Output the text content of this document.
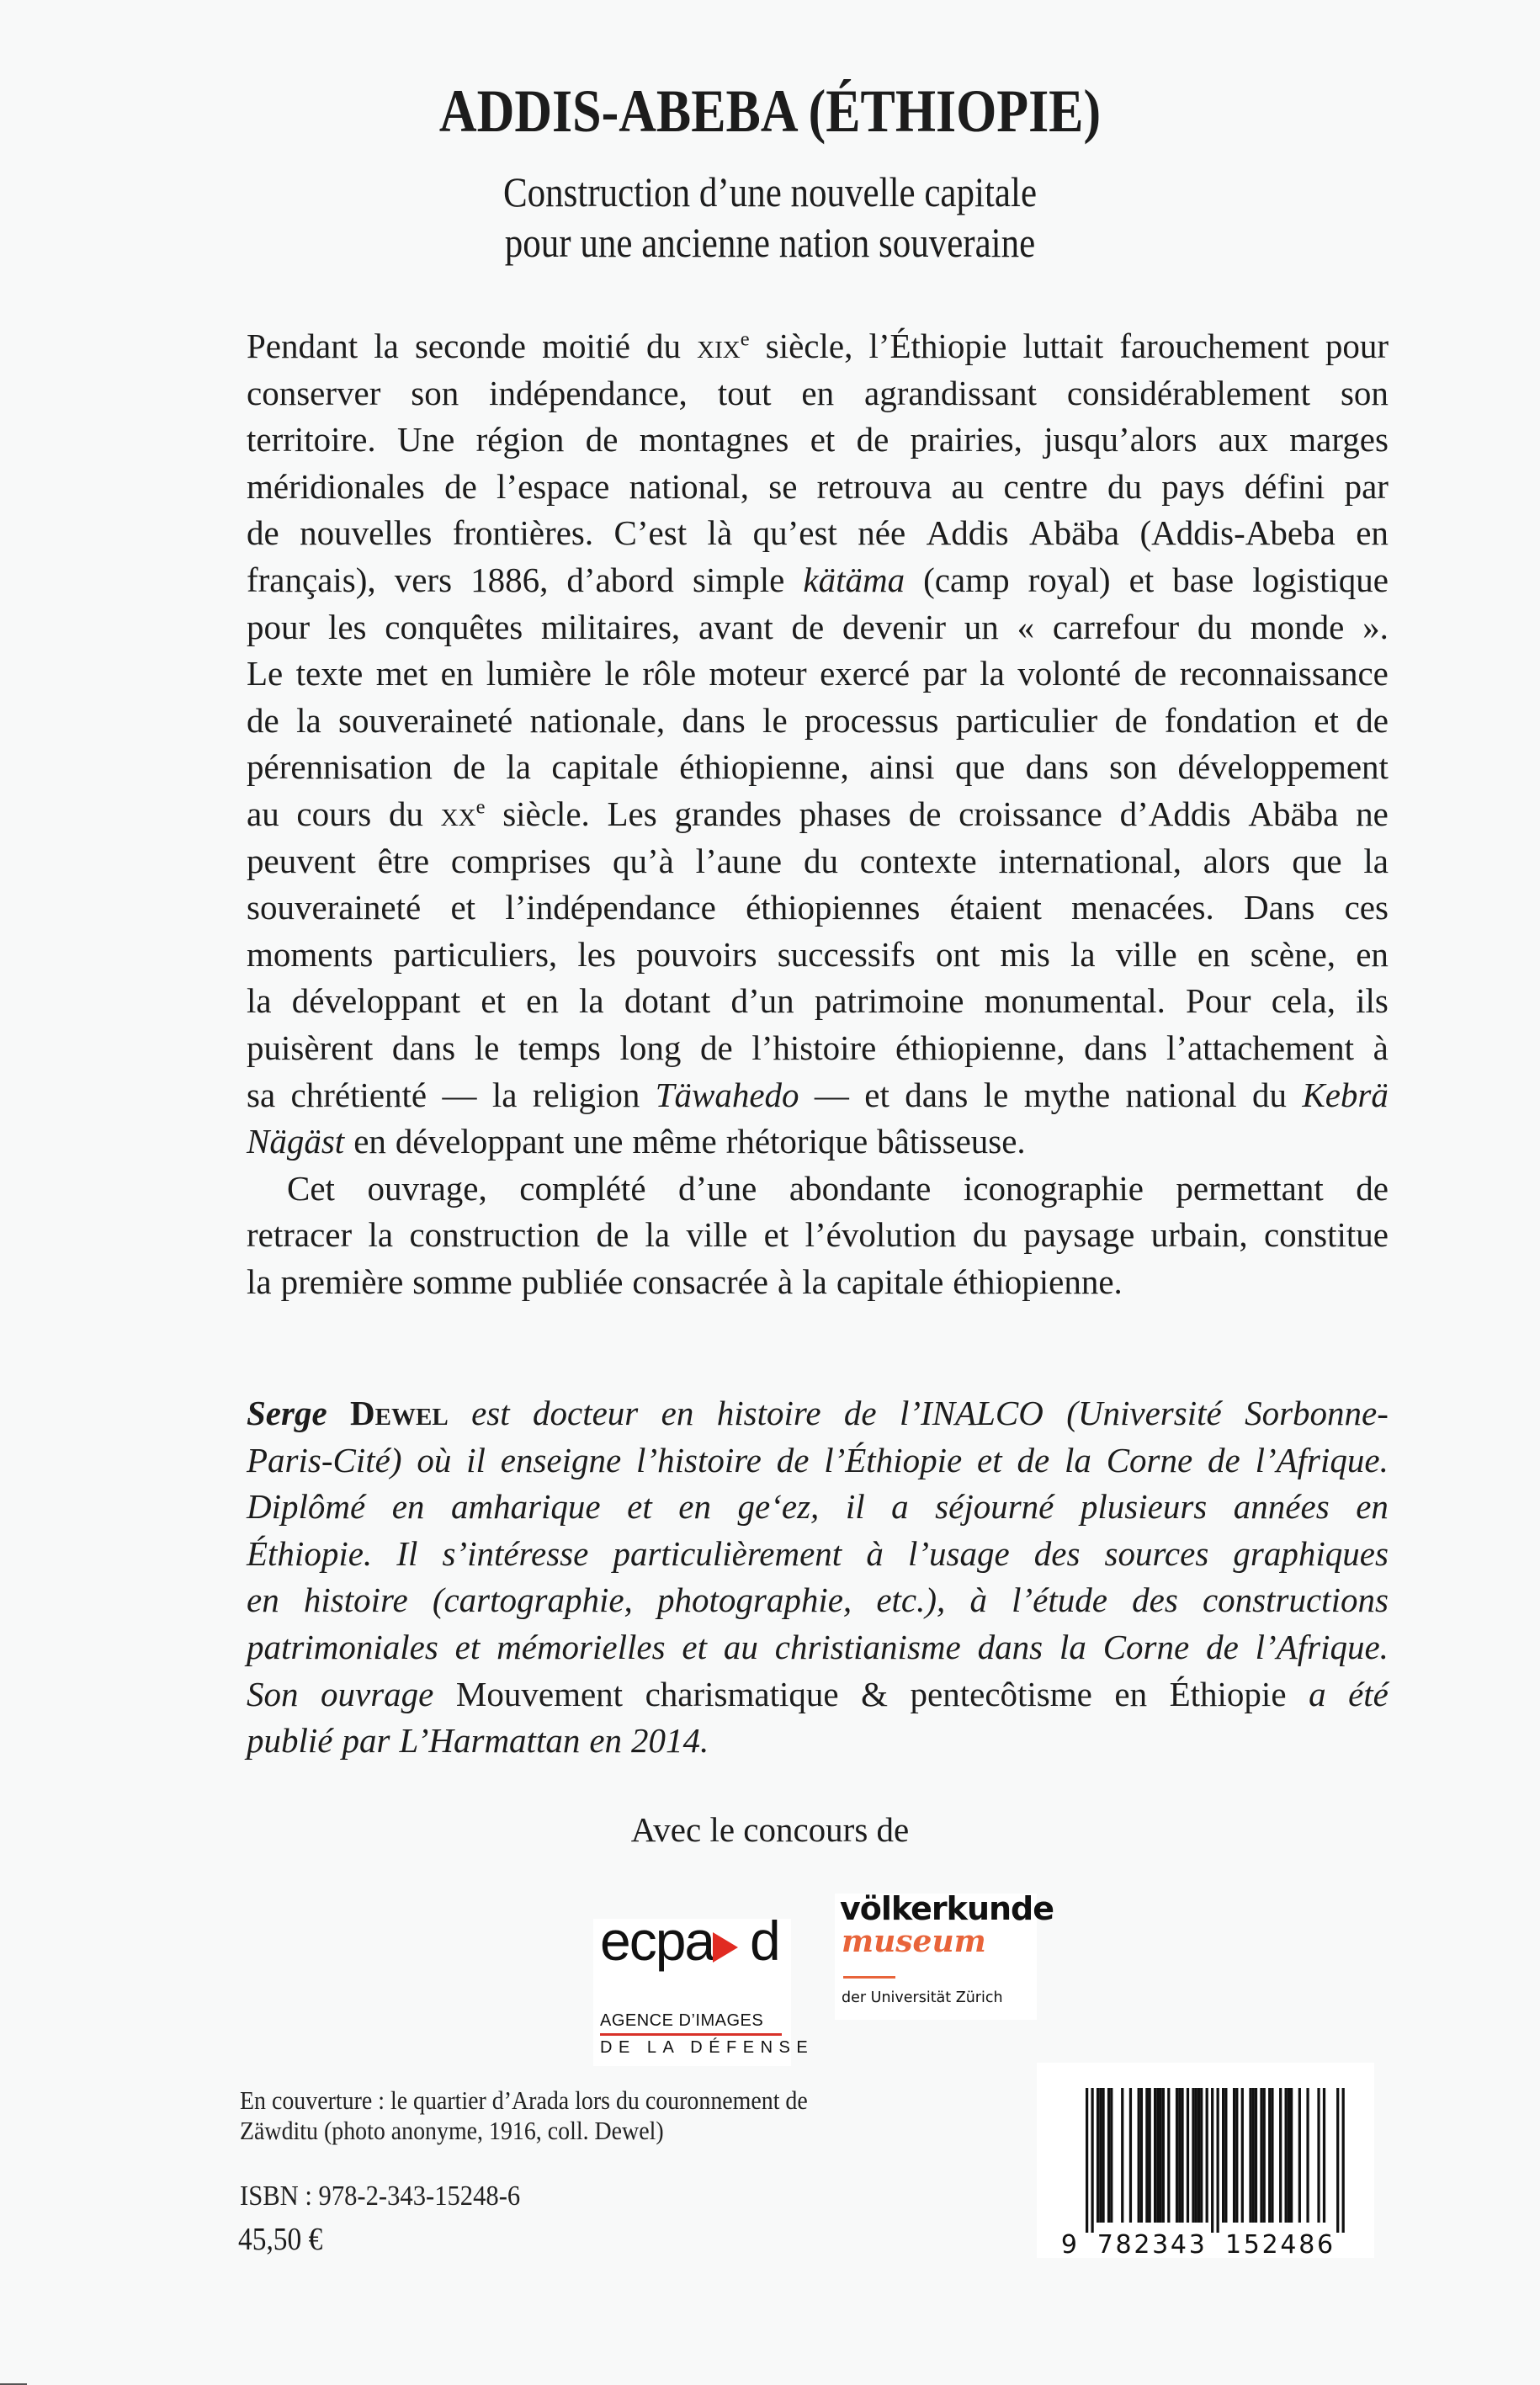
ADDIS-ABEBA (ÉTHIOPIE)
Construction d’une nouvelle capitale
pour une ancienne nation souveraine
Pendant la seconde moitié du xix$^e$ siècle, l’Éthiopie luttait farouchement pour
conserver son indépendance, tout en agrandissant considérablement son
territoire. Une région de montagnes et de prairies, jusqu’alors aux marges
méridionales de l’espace national, se retrouva au centre du pays défini par
de nouvelles frontières. C’est là qu’est née Addis Abäba (Addis-Abeba en
français), vers 1886, d’abord simple kätäma (camp royal) et base logistique
pour les conquêtes militaires, avant de devenir un « carrefour du monde ».
Le texte met en lumière le rôle moteur exercé par la volonté de reconnaissance
de la souveraineté nationale, dans le processus particulier de fondation et de
pérennisation de la capitale éthiopienne, ainsi que dans son développement
au cours du $xx^e$ siècle. Les grandes phases de croissance d’Addis Abäba ne
peuvent être comprises qu’à l’aune du contexte international, alors que la
souveraineté et l’indépendance éthiopiennes étaient menacées. Dans ces
moments particuliers, les pouvoirs successifs ont mis la ville en scène, en
la développant et en la dotant d’un patrimoine monumental. Pour cela, ils
puisèrent dans le temps long de l’histoire éthiopienne, dans l’attachement à
sa chrétienté — la religion Täwahedo — et dans le mythe national du Kebrä
Nägäst en développant une même rhétorique bâtisseuse.
Cet ouvrage, complété d’une abondante iconographie permettant de
retracer la construction de la ville et l’évolution du paysage urbain, constitue
la première somme publiée consacrée à la capitale éthiopienne.
Serge Dewel est docteur en histoire de l’INALCO (Université Sorbonne-
Paris-Cité) où il enseigne l’histoire de l’Éthiopie et de la Corne de l’Afrique.
Diplômé en amharique et en ge‘ez, il a séjourné plusieurs années en
Éthiopie. Il s’intéresse particulièrement à l’usage des sources graphiques
en histoire (cartographie, photographie, etc.), à l’étude des constructions
patrimoniales et mémorielles et au christianisme dans la Corne de l’Afrique.
Son ouvrage Mouvement charismatique & pentecôtisme en Éthiopie a été
publié par L’Harmattan en 2014.
Avec le concours de
ecpa d
AGENCE D’IMAGES
DE LA DÉFENSE
völkerkunde
museum
der Universität Zürich
En couverture : le quartier d’Arada lors du couronnement de
Zäwditu (photo anonyme, 1916, coll. Dewel)
ISBN : 978-2-343-15248-6
45,50 €	9 782343 152486
